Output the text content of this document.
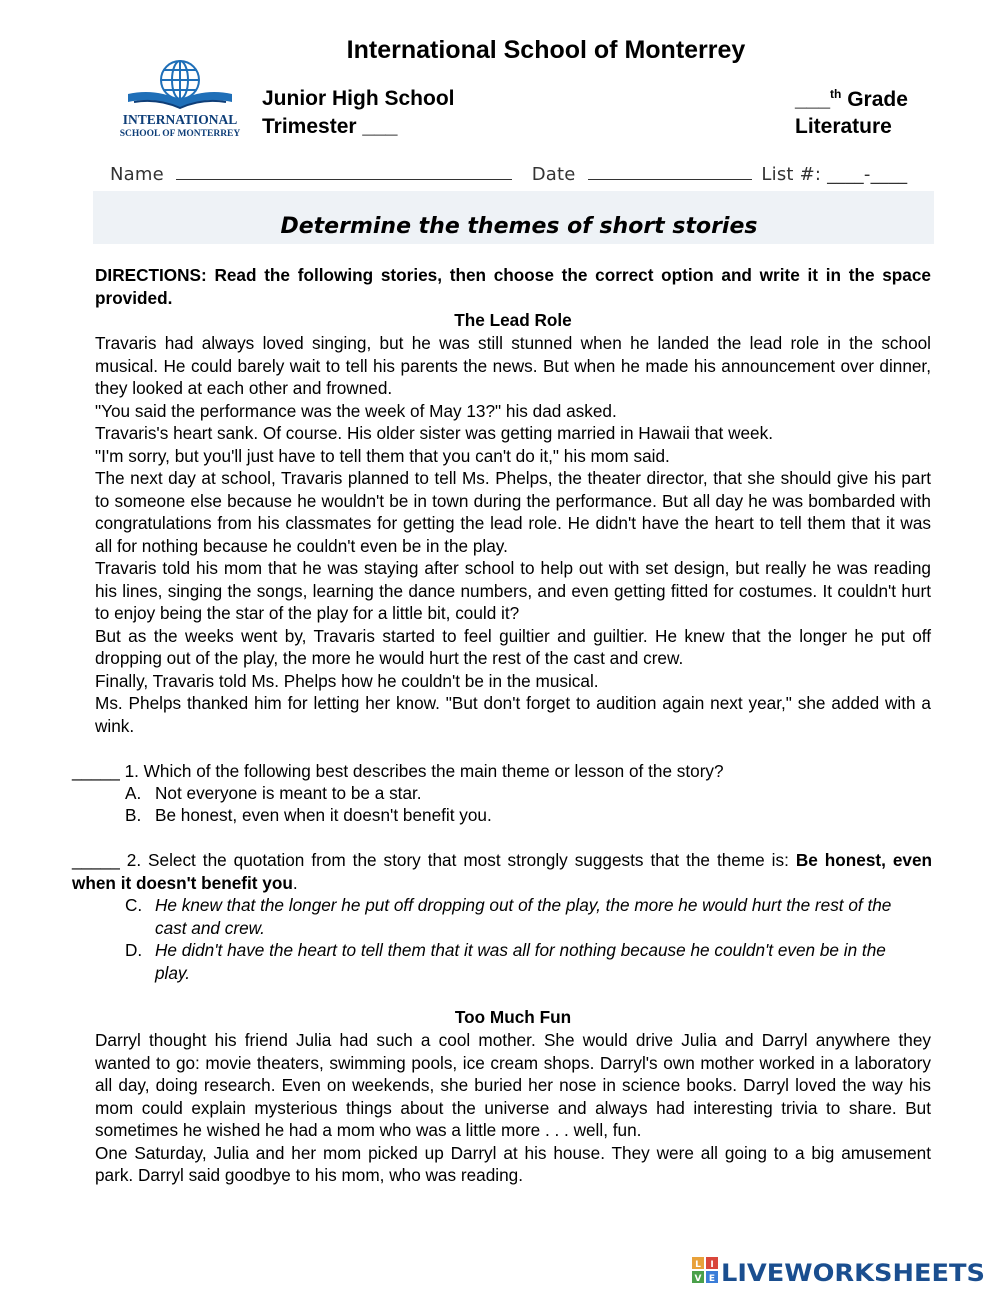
International School of Monterrey
INTERNATIONAL
SCHOOL OF MONTERREY
Junior High School
Trimester ___
___$^{th}$ Grade
Literature
Name	Date	List #: ____-____
Determine the themes of short stories
DIRECTIONS: Read the following stories, then choose the correct option and write it in the space provided.
The Lead Role

Travaris had always loved singing, but he was still stunned when he landed the lead role in the school musical. He could barely wait to tell his parents the news. But when he made his announcement over dinner, they looked at each other and frowned.

"You said the performance was the week of May 13?" his dad asked.

Travaris's heart sank. Of course. His older sister was getting married in Hawaii that week.

"I'm sorry, but you'll just have to tell them that you can't do it," his mom said.

The next day at school, Travaris planned to tell Ms. Phelps, the theater director, that she should give his part to someone else because he wouldn't be in town during the performance. But all day he was bombarded with congratulations from his classmates for getting the lead role. He didn't have the heart to tell them that it was all for nothing because he couldn't even be in the play.

Travaris told his mom that he was staying after school to help out with set design, but really he was reading his lines, singing the songs, learning the dance numbers, and even getting fitted for costumes. It couldn't hurt to enjoy being the star of the play for a little bit, could it?

But as the weeks went by, Travaris started to feel guiltier and guiltier. He knew that the longer he put off dropping out of the play, the more he would hurt the rest of the cast and crew.

Finally, Travaris told Ms. Phelps how he couldn't be in the musical.

Ms. Phelps thanked him for letting her know. "But don't forget to audition again next year," she added with a wink.

_____ 1. Which of the following best describes the main theme or lesson of the story?
A. Not everyone is meant to be a star.
B. Be honest, even when it doesn't benefit you.
_____ 2. Select the quotation from the story that most strongly suggests that the theme is: Be honest, even when it doesn't benefit you.
C. He knew that the longer he put off dropping out of the play, the more he would hurt the rest of the cast and crew.
D. He didn't have the heart to tell them that it was all for nothing because he couldn't even be in the play.
Too Much Fun

Darryl thought his friend Julia had such a cool mother. She would drive Julia and Darryl anywhere they wanted to go: movie theaters, swimming pools, ice cream shops. Darryl's own mother worked in a laboratory all day, doing research. Even on weekends, she buried her nose in science books. Darryl loved the way his mom could explain mysterious things about the universe and always had interesting trivia to share. But sometimes he wished he had a mom who was a little more . . . well, fun.

One Saturday, Julia and her mom picked up Darryl at his house. They were all going to a big amusement park. Darryl said goodbye to his mom, who was reading.

L I
V E LIVEWORKSHEETS
